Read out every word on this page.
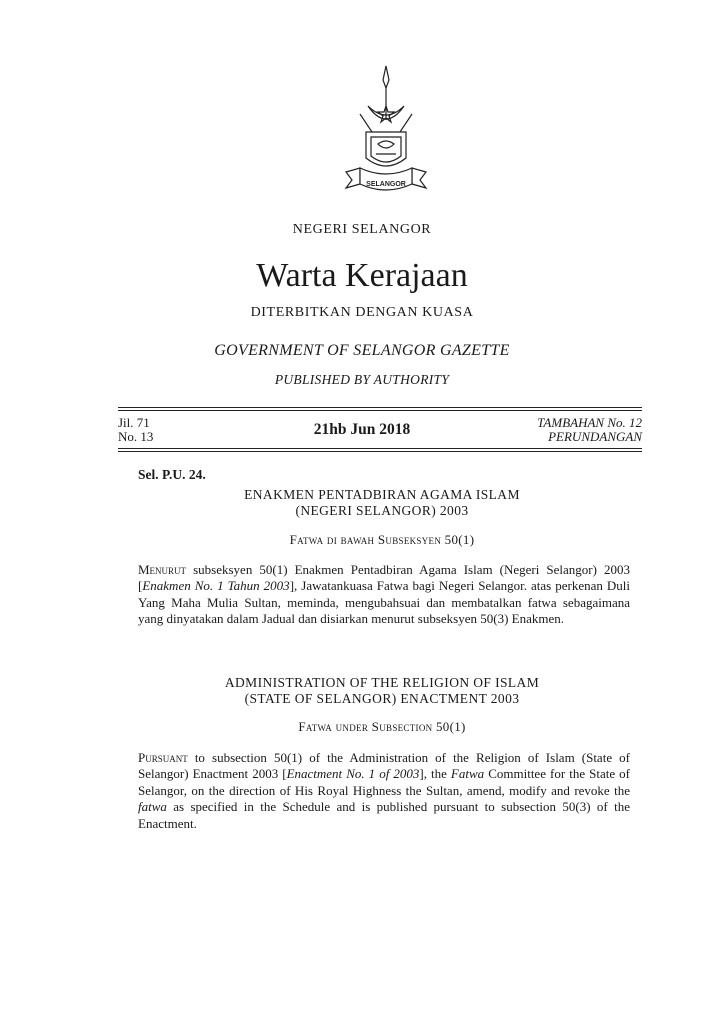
SELANGOR
NEGERI SELANGOR
Warta Kerajaan
DITERBITKAN DENGAN KUASA
GOVERNMENT OF SELANGOR GAZETTE
PUBLISHED BY AUTHORITY
Jil. 71
No. 13	21hb Jun 2018	TAMBAHAN No. 12
PERUNDANGAN
Sel. P.U. 24.
ENAKMEN PENTADBIRAN AGAMA ISLAM
(NEGERI SELANGOR) 2003
Fatwa di bawah Subseksyen 50(1)

Menurut subseksyen 50(1) Enakmen Pentadbiran Agama Islam (Negeri Selangor) 2003 [Enakmen No. 1 Tahun 2003], Jawatankuasa Fatwa bagi Negeri Selangor. atas perkenan Duli Yang Maha Mulia Sultan, meminda, mengubahsuai dan membatalkan fatwa sebagaimana yang dinyatakan dalam Jadual dan disiarkan menurut subseksyen 50(3) Enakmen.

ADMINISTRATION OF THE RELIGION OF ISLAM
(STATE OF SELANGOR) ENACTMENT 2003
Fatwa under Subsection 50(1)

Pursuant to subsection 50(1) of the Administration of the Religion of Islam (State of Selangor) Enactment 2003 [Enactment No. 1 of 2003], the Fatwa Committee for the State of Selangor, on the direction of His Royal Highness the Sultan, amend, modify and revoke the fatwa as specified in the Schedule and is published pursuant to subsection 50(3) of the Enactment.
